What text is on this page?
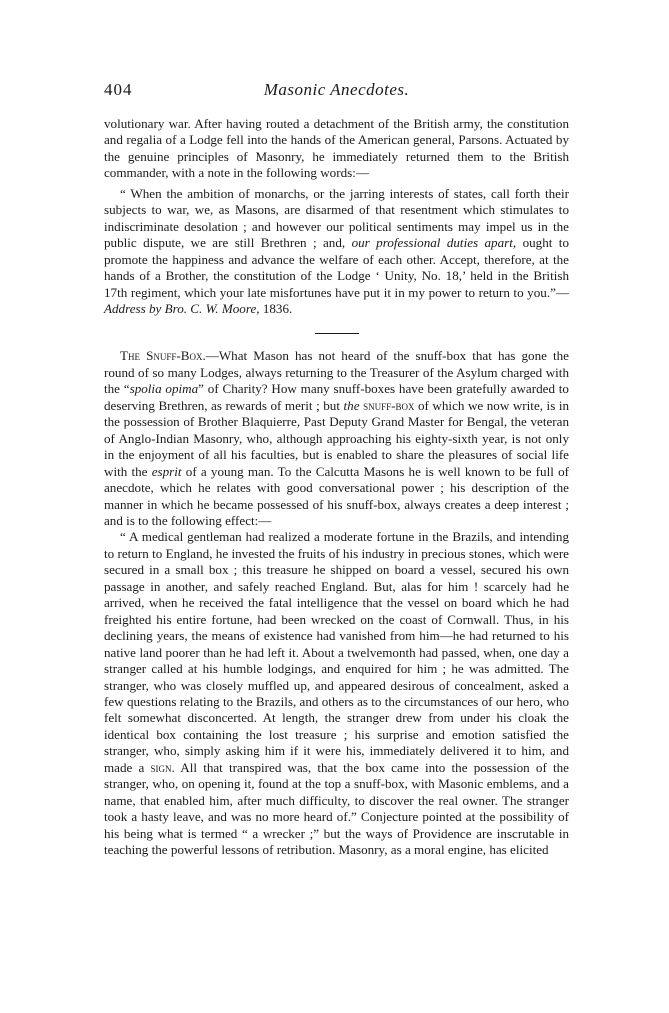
404	Masonic Anecdotes.

volutionary war. After having routed a detachment of the British army, the constitution and regalia of a Lodge fell into the hands of the American general, Parsons. Actuated by the genuine principles of Masonry, he immediately returned them to the British commander, with a note in the following words:—

“ When the ambition of monarchs, or the jarring interests of states, call forth their subjects to war, we, as Masons, are disarmed of that resentment which stimulates to indiscriminate desolation ; and however our political sentiments may impel us in the public dispute, we are still Brethren ; and, our professional duties apart, ought to promote the happiness and advance the welfare of each other. Accept, therefore, at the hands of a Brother, the constitution of the Lodge ‘ Unity, No. 18,’ held in the British 17th regiment, which your late misfortunes have put it in my power to return to you.”—Address by Bro. C. W. Moore, 1836.

The Snuff-Box.—What Mason has not heard of the snuff-box that has gone the round of so many Lodges, always returning to the Treasurer of the Asylum charged with the “spolia opima” of Charity? How many snuff-boxes have been gratefully awarded to deserving Brethren, as rewards of merit ; but the snuff-box of which we now write, is in the possession of Brother Blaquierre, Past Deputy Grand Master for Bengal, the veteran of Anglo-Indian Masonry, who, although approaching his eighty-sixth year, is not only in the enjoyment of all his faculties, but is enabled to share the pleasures of social life with the esprit of a young man. To the Calcutta Masons he is well known to be full of anecdote, which he relates with good conversational power ; his description of the manner in which he became possessed of his snuff-box, always creates a deep interest ; and is to the following effect:—

“ A medical gentleman had realized a moderate fortune in the Brazils, and intending to return to England, he invested the fruits of his industry in precious stones, which were secured in a small box ; this treasure he shipped on board a vessel, secured his own passage in another, and safely reached England. But, alas for him ! scarcely had he arrived, when he received the fatal intelligence that the vessel on board which he had freighted his entire fortune, had been wrecked on the coast of Cornwall. Thus, in his declining years, the means of existence had vanished from him—he had returned to his native land poorer than he had left it. About a twelvemonth had passed, when, one day a stranger called at his humble lodgings, and enquired for him ; he was admitted. The stranger, who was closely muffled up, and appeared desirous of concealment, asked a few questions relating to the Brazils, and others as to the circumstances of our hero, who felt somewhat disconcerted. At length, the stranger drew from under his cloak the identical box containing the lost treasure ; his surprise and emotion satisfied the stranger, who, simply asking him if it were his, immediately delivered it to him, and made a sign. All that transpired was, that the box came into the possession of the stranger, who, on opening it, found at the top a snuff-box, with Masonic emblems, and a name, that enabled him, after much difficulty, to discover the real owner. The stranger took a hasty leave, and was no more heard of.” Conjecture pointed at the possibility of his being what is termed “ a wrecker ;” but the ways of Providence are inscrutable in teaching the powerful lessons of retribution. Masonry, as a moral engine, has elicited
